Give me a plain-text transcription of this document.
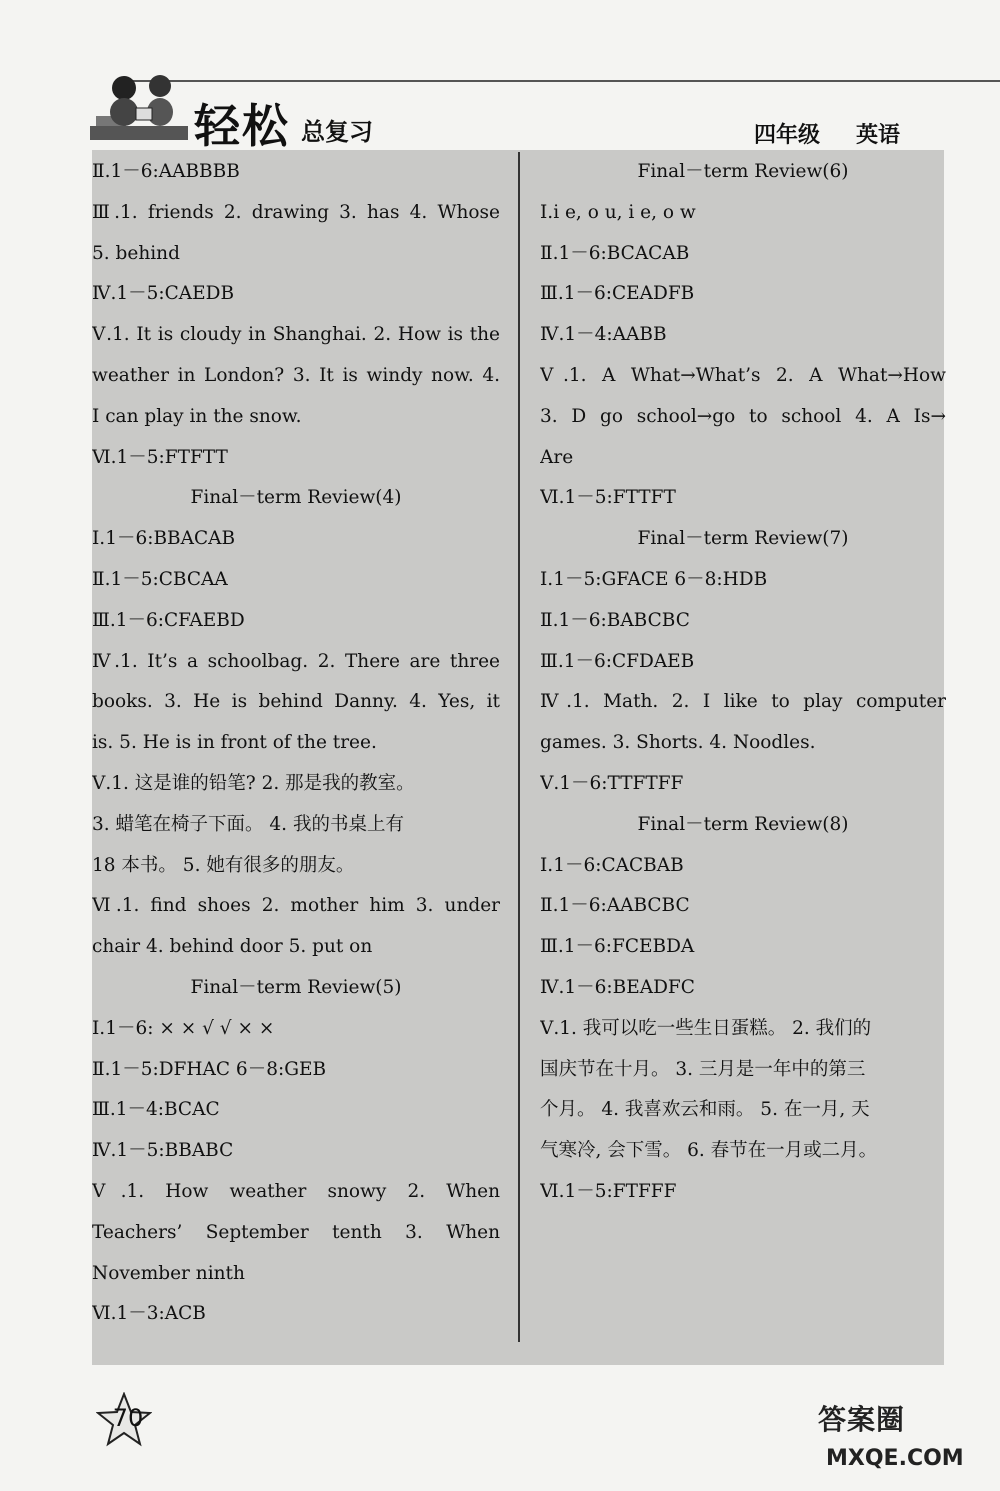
轻松 总复习	四年级 英语
Ⅱ.1－6:AABBBB
Ⅲ.1. friends 2. drawing 3. has 4. Whose
5. behind
Ⅳ.1－5:CAEDB
Ⅴ.1. It is cloudy in Shanghai. 2. How is the
weather in London? 3. It is windy now. 4.
I can play in the snow.
Ⅵ.1－5:FTFTT
Final－term Review(4)
Ⅰ.1－6:BBACAB
Ⅱ.1－5:CBCAA
Ⅲ.1－6:CFAEBD
Ⅳ.1. It’s a schoolbag. 2. There are three
books. 3. He is behind Danny. 4. Yes, it
is. 5. He is in front of the tree.
Ⅴ.1. 这是谁的铅笔? 2. 那是我的教室。
3. 蜡笔在椅子下面。 4. 我的书桌上有
18 本书。 5. 她有很多的朋友。
Ⅵ.1. find shoes 2. mother him 3. under
chair 4. behind door 5. put on
Final－term Review(5)
Ⅰ.1－6: × × √ √ × ×
Ⅱ.1－5:DFHAC 6－8:GEB
Ⅲ.1－4:BCAC
Ⅳ.1－5:BBABC
Ⅴ.1. How weather snowy 2. When
Teachers’ September tenth 3. When
November ninth
Ⅵ.1－3:ACB
Final－term Review(6)
Ⅰ.i e, o u, i e, o w
Ⅱ.1－6:BCACAB
Ⅲ.1－6:CEADFB
Ⅳ.1－4:AABB
Ⅴ.1. A What→What’s 2. A What→How
3. D go school→go to school 4. A Is→
Are
Ⅵ.1－5:FTTFT
Final－term Review(7)
Ⅰ.1－5:GFACE 6－8:HDB
Ⅱ.1－6:BABCBC
Ⅲ.1－6:CFDAEB
Ⅳ.1. Math. 2. I like to play computer
games. 3. Shorts. 4. Noodles.
Ⅴ.1－6:TTFTFF
Final－term Review(8)
Ⅰ.1－6:CACBAB
Ⅱ.1－6:AABCBC
Ⅲ.1－6:FCEBDA
Ⅳ.1－6:BEADFC
Ⅴ.1. 我可以吃一些生日蛋糕。 2. 我们的
国庆节在十月。 3. 三月是一年中的第三
个月。 4. 我喜欢云和雨。 5. 在一月, 天
气寒冷, 会下雪。 6. 春节在一月或二月。
Ⅵ.1－5:FTFFF
70	答案圈
MXQE.COM
